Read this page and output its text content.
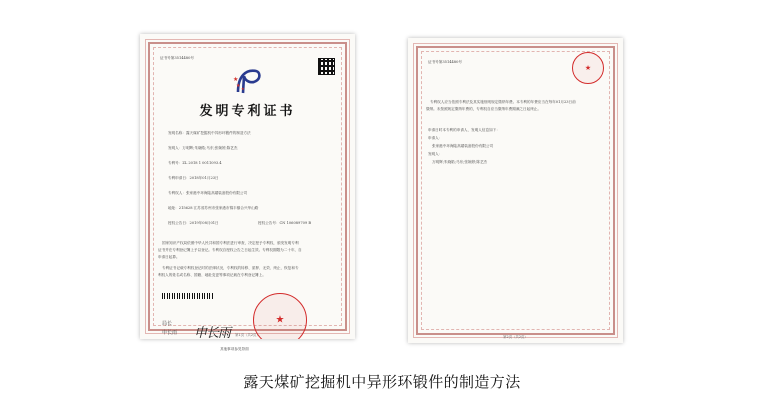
证书号第3514480号
★
★ ★
发明专利证书
发明名称：露天煤矿挖掘机中异形环锻件的制造方法
发明人：万明辉;朱晓皓;马东;张婉婷;陈艺杰
专利号：ZL 2018 1 0011093.4
专利申请日：2018年01月23日
专利权人：张家港中环海陆高端装备股份有限公司
地址：215628 江苏省苏州市张家港市锦丰镇合兴华山路
授权公告日：2019年08月01日	授权公告号：CN 106089709 B
国家知识产权局依照中华人民共和国专利法进行审查，决定授予专利权，颁发发明专利
证书并在专利登记簿上予以登记。专利权自授权公告之日起生效。专利权期限为二十年，自
申请日起算。
专利证书记载专利权登记时的法律状况，专利权的转移、质押、无效、终止、恢复和专
利权人的姓名或名称、国籍、地址变更等事项记载在专利登记簿上。
局长
申长雨 申长雨
★
第1页（共2页）
其他事项参见背面
证书号第3514480号
★
专利权人应当依照专利法及其实施细则规定缴纳年费。本专利的年费应当在每年01月23日前
缴纳。未按照规定缴纳年费的，专利权自应当缴纳年费期满之日起终止。
申请日时本专利的申请人、发明人信息如下：
申请人：
张家港中环海陆高端装备股份有限公司
发明人：
万明辉;朱晓皓;马东;张婉婷;陈艺杰
第2页（共2页）
露天煤矿挖掘机中异形环锻件的制造方法
